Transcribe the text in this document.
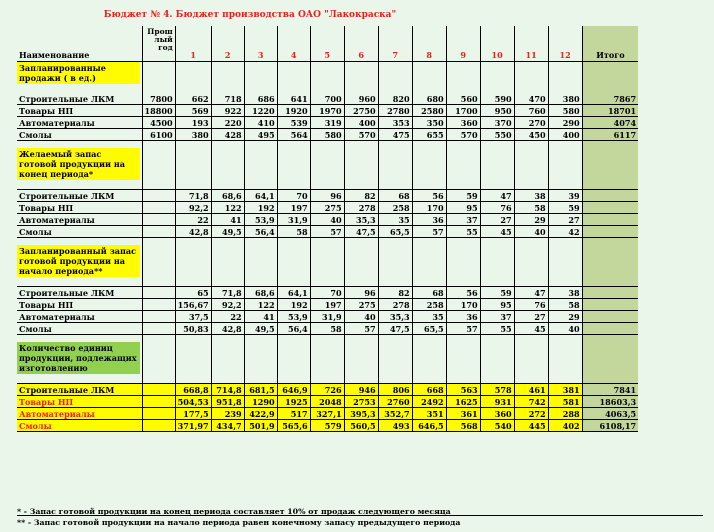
Бюджет № 4. Бюджет производства ОАО "Лакокраска"
Наименование	Прош лый год	1	2	3	4	5	6	7	8	9	10	11	12	Итого

Запланированные продажи ( в ед.)														

Строительные ЛКМ	7800	662	718	686	641	700	960	820	680	560	590	470	380	7867
Товары НП	18800	569	922	1220	1920	1970	2750	2780	2580	1700	950	760	580	18701
Автоматериалы	4500	193	220	410	539	319	400	353	350	360	370	270	290	4074
Смолы	6100	380	428	495	564	580	570	475	655	570	550	450	400	6117

Желаемый запас готовой продукции на конец периода*														

Строительные ЛКМ		71,8	68,6	64,1	70	96	82	68	56	59	47	38	39	
Товары НП		92,2	122	192	197	275	278	258	170	95	76	58	59	
Автоматериалы		22	41	53,9	31,9	40	35,3	35	36	37	27	29	27	
Смолы		42,8	49,5	56,4	58	57	47,5	65,5	57	55	45	40	42	

Запланированный запас готовой продукции на начало периода**														

Строительные ЛКМ		65	71,8	68,6	64,1	70	96	82	68	56	59	47	38	
Товары НП		156,67	92,2	122	192	197	275	278	258	170	95	76	58	
Автоматериалы		37,5	22	41	53,9	31,9	40	35,3	35	36	37	27	29	
Смолы		50,83	42,8	49,5	56,4	58	57	47,5	65,5	57	55	45	40	

Количество единиц продукции, подлежащих изготовлению														

Строительные ЛКМ		668,8	714,8	681,5	646,9	726	946	806	668	563	578	461	381	7841
Товары НП		504,53	951,8	1290	1925	2048	2753	2760	2492	1625	931	742	581	18603,3
Автоматериалы		177,5	239	422,9	517	327,1	395,3	352,7	351	361	360	272	288	4063,5
Смолы		371,97	434,7	501,9	565,6	579	560,5	493	646,5	568	540	445	402	6108,17
* - Запас готовой продукции на конец периода составляет 10% от продаж следующего месяца
** - Запас готовой продукции на начало периода равен конечному запасу предыдущего периода
